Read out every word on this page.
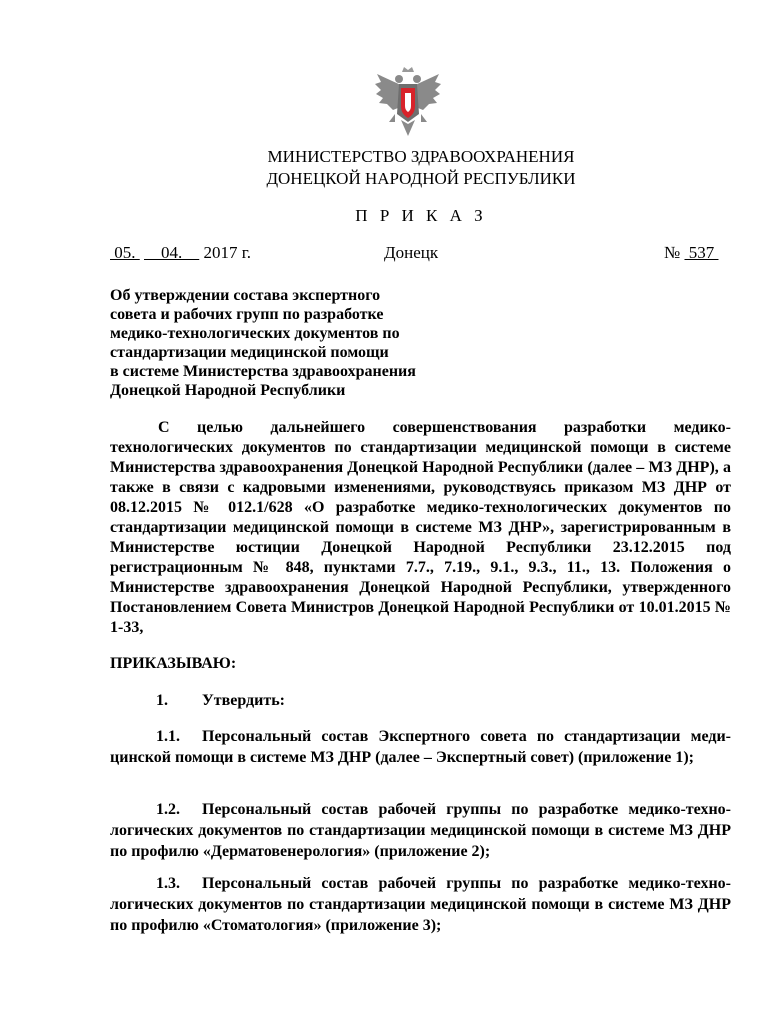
МИНИСТЕРСТВО ЗДРАВООХРАНЕНИЯ
ДОНЕЦКОЙ НАРОДНОЙ РЕСПУБЛИКИ
П Р И К А З
05.      04.     2017 г.	Донецк	№  537
Об утверждении состава экспертного
совета и рабочих групп по разработке
медико-технологических документов по
стандартизации медицинской помощи
в системе Министерства здравоохранения
Донецкой Народной Республики
С целью дальнейшего совершенствования разработки медико-технологических документов по стандартизации медицинской помощи в системе Министерства здравоохранения Донецкой Народной Республики (далее – МЗ ДНР), а также в связи с кадровыми изменениями, руководствуясь приказом МЗ ДНР от 08.12.2015 № 012.1/628 «О разработке медико-технологических документов по стандартизации медицинской помощи в системе МЗ ДНР», зарегистрированным в Министерстве юстиции Донецкой Народной Республики 23.12.2015 под регистрационным № 848, пунктами 7.7., 7.19., 9.1., 9.3., 11., 13. Положения о Министерстве здравоохранения Донецкой Народной Республики, утвержденного Постановлением Совета Министров Донецкой Народной Республики от 10.01.2015 № 1-33,
ПРИКАЗЫВАЮ:
1. Утвердить:
1.1. Персональный состав Экспертного совета по стандартизации медицинской помощи в системе МЗ ДНР (далее – Экспертный совет) (приложение 1);
1.2. Персональный состав рабочей группы по разработке медико-технологических документов по стандартизации медицинской помощи в системе МЗ ДНР по профилю «Дерматовенерология» (приложение 2);
1.3. Персональный состав рабочей группы по разработке медико-технологических документов по стандартизации медицинской помощи в системе МЗ ДНР по профилю «Стоматология» (приложение 3);
